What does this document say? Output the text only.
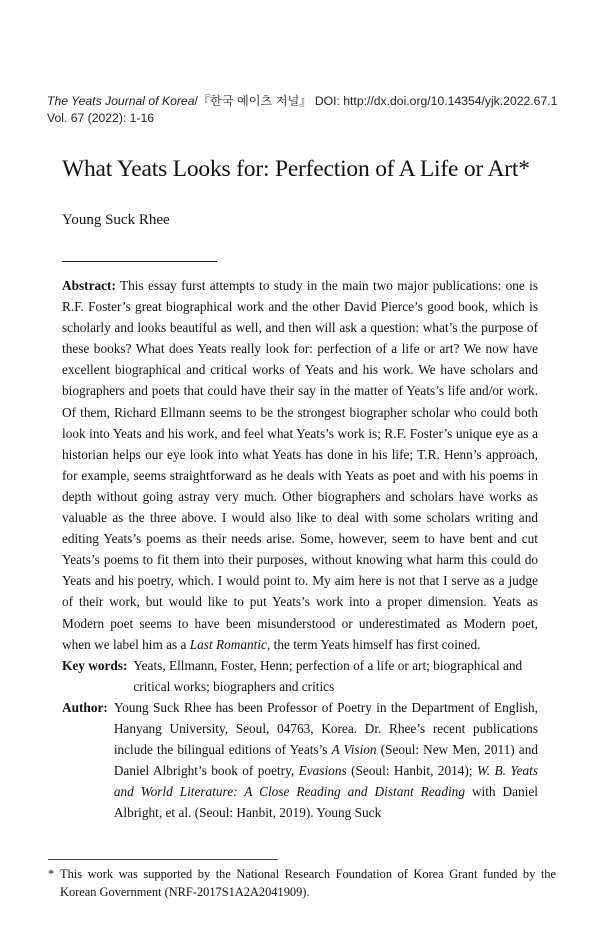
The Yeats Journal of Korea/『한국 예이츠 저널』 DOI: http://dx.doi.org/10.14354/yjk.2022.67.1
Vol. 67 (2022): 1-16
What Yeats Looks for: Perfection of A Life or Art*
Young Suck Rhee

Abstract: This essay furst attempts to study in the main two major publications: one is R.F. Foster’s great biographical work and the other David Pierce’s good book, which is scholarly and looks beautiful as well, and then will ask a question: what’s the purpose of these books? What does Yeats really look for: perfection of a life or art? We now have excellent biographical and critical works of Yeats and his work. We have scholars and biographers and poets that could have their say in the matter of Yeats’s life and/or work. Of them, Richard Ellmann seems to be the strongest biographer scholar who could both look into Yeats and his work, and feel what Yeats’s work is; R.F. Foster’s unique eye as a historian helps our eye look into what Yeats has done in his life; T.R. Henn’s approach, for example, seems straightforward as he deals with Yeats as poet and with his poems in depth without going astray very much. Other biographers and scholars have works as valuable as the three above. I would also like to deal with some scholars writing and editing Yeats’s poems as their needs arise. Some, however, seem to have bent and cut Yeats’s poems to fit them into their purposes, without knowing what harm this could do Yeats and his poetry, which. I would point to. My aim here is not that I serve as a judge of their work, but would like to put Yeats’s work into a proper dimension. Yeats as Modern poet seems to have been misunderstood or underestimated as Modern poet, when we label him as a Last Romantic, the term Yeats himself has first coined.

Key words: Yeats, Ellmann, Foster, Henn; perfection of a life or art; biographical and critical works; biographers and critics
Author: Young Suck Rhee has been Professor of Poetry in the Department of English, Hanyang University, Seoul, 04763, Korea. Dr. Rhee’s recent publications include the bilingual editions of Yeats’s A Vision (Seoul: New Men, 2011) and Daniel Albright’s book of poetry, Evasions (Seoul: Hanbit, 2014); W. B. Yeats and World Literature: A Close Reading and Distant Reading with Daniel Albright, et al. (Seoul: Hanbit, 2019). Young Suck
* This work was supported by the National Research Foundation of Korea Grant funded by the Korean Government (NRF-2017S1A2A2041909).
